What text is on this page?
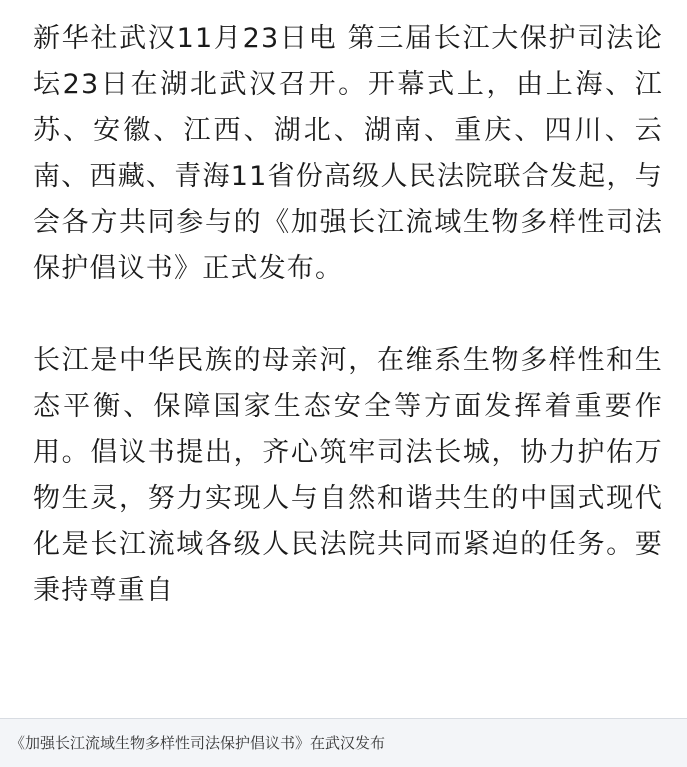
新华社武汉11月23日电 第三届长江大保护司法论坛23日在湖北武汉召开。开幕式上，由上海、江苏、安徽、江西、湖北、湖南、重庆、四川、云南、西藏、青海11省份高级人民法院联合发起，与会各方共同参与的《加强长江流域生物多样性司法保护倡议书》正式发布。

长江是中华民族的母亲河，在维系生物多样性和生态平衡、保障国家生态安全等方面发挥着重要作用。倡议书提出，齐心筑牢司法长城，协力护佑万物生灵，努力实现人与自然和谐共生的中国式现代化是长江流域各级人民法院共同而紧迫的任务。要秉持尊重自

《加强长江流域生物多样性司法保护倡议书》在武汉发布
